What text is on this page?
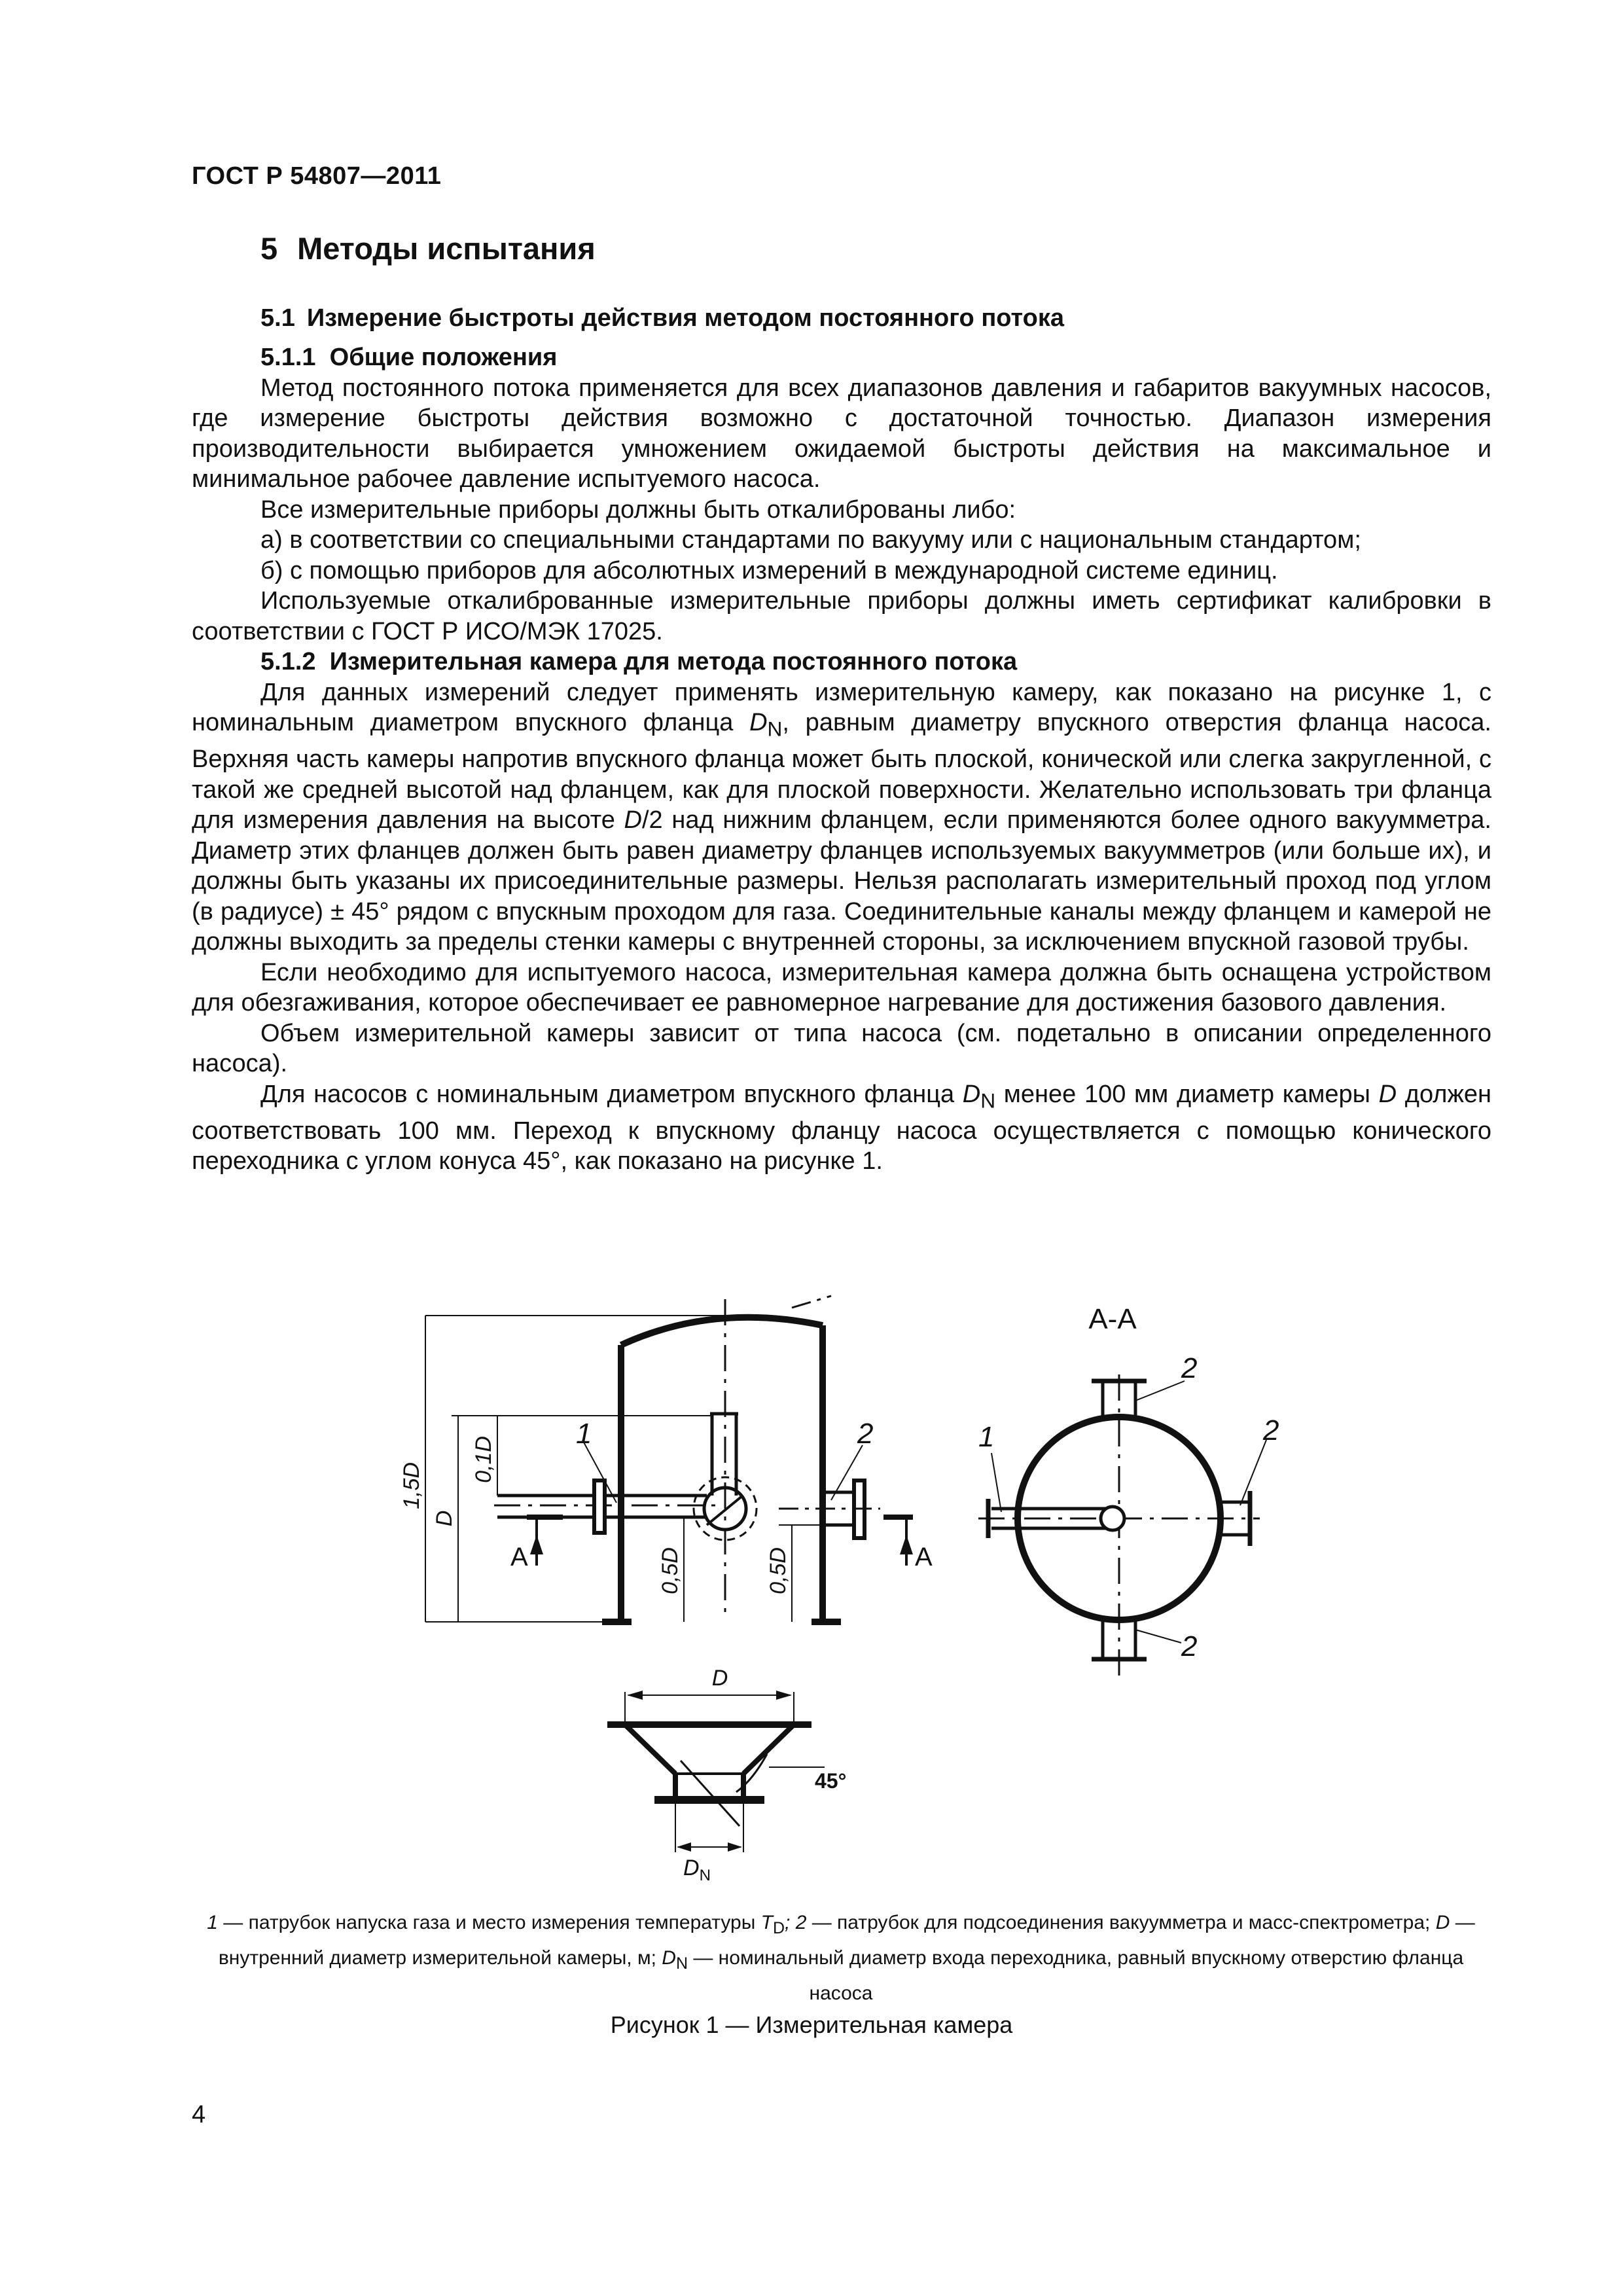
ГОСТ Р 54807—2011
5 Методы испытания
5.1 Измерение быстроты действия методом постоянного потока

5.1.1 Общие положения

Метод постоянного потока применяется для всех диапазонов давления и габаритов вакуумных насосов, где измерение быстроты действия возможно с достаточной точностью. Диапазон измерения производительности выбирается умножением ожидаемой быстроты действия на максимальное и минимальное рабочее давление испытуемого насоса.

Все измерительные приборы должны быть откалиброваны либо:

а) в соответствии со специальными стандартами по вакууму или с национальным стандартом;

б) с помощью приборов для абсолютных измерений в международной системе единиц.

Используемые откалиброванные измерительные приборы должны иметь сертификат калибровки в соответствии с ГОСТ Р ИСО/МЭК 17025.

5.1.2 Измерительная камера для метода постоянного потока

Для данных измерений следует применять измерительную камеру, как показано на рисунке 1, с номинальным диаметром впускного фланца $D_N$, равным диаметру впускного отверстия фланца насоса. Верхняя часть камеры напротив впускного фланца может быть плоской, конической или слегка закругленной, с такой же средней высотой над фланцем, как для плоской поверхности. Желательно использовать три фланца для измерения давления на высоте D/2 над нижним фланцем, если применяются более одного вакуумметра. Диаметр этих фланцев должен быть равен диаметру фланцев используемых вакуумметров (или больше их), и должны быть указаны их присоединительные размеры. Нельзя располагать измерительный проход под углом (в радиусе) ± 45° рядом с впускным проходом для газа. Соединительные каналы между фланцем и камерой не должны выходить за пределы стенки камеры с внутренней стороны, за исключением впускной газовой трубы.

Если необходимо для испытуемого насоса, измерительная камера должна быть оснащена устройством для обезгаживания, которое обеспечивает ее равномерное нагревание для достижения базового давления.

Объем измерительной камеры зависит от типа насоса (см. подетально в описании определенного насоса).

Для насосов с номинальным диаметром впускного фланца $D_N$ менее 100 мм диаметр камеры D должен соответствовать 100 мм. Переход к впускному фланцу насоса осуществляется с помощью конического переходника с углом конуса 45°, как показано на рисунке 1.

1,5D
D
0,1D
0,5D	0,5D
А	А
1	2
А-А
1
2
2
2
D
$D_N$
45°
1 — патрубок напуска газа и место измерения температуры $T_D$; 2 — патрубок для подсоединения вакуумметра и масс-спектрометра; D — внутренний диаметр измерительной камеры, м; $D_N$ — номинальный диаметр входа переходника, равный впускному отверстию фланца насоса
Рисунок 1 — Измерительная камера
4
